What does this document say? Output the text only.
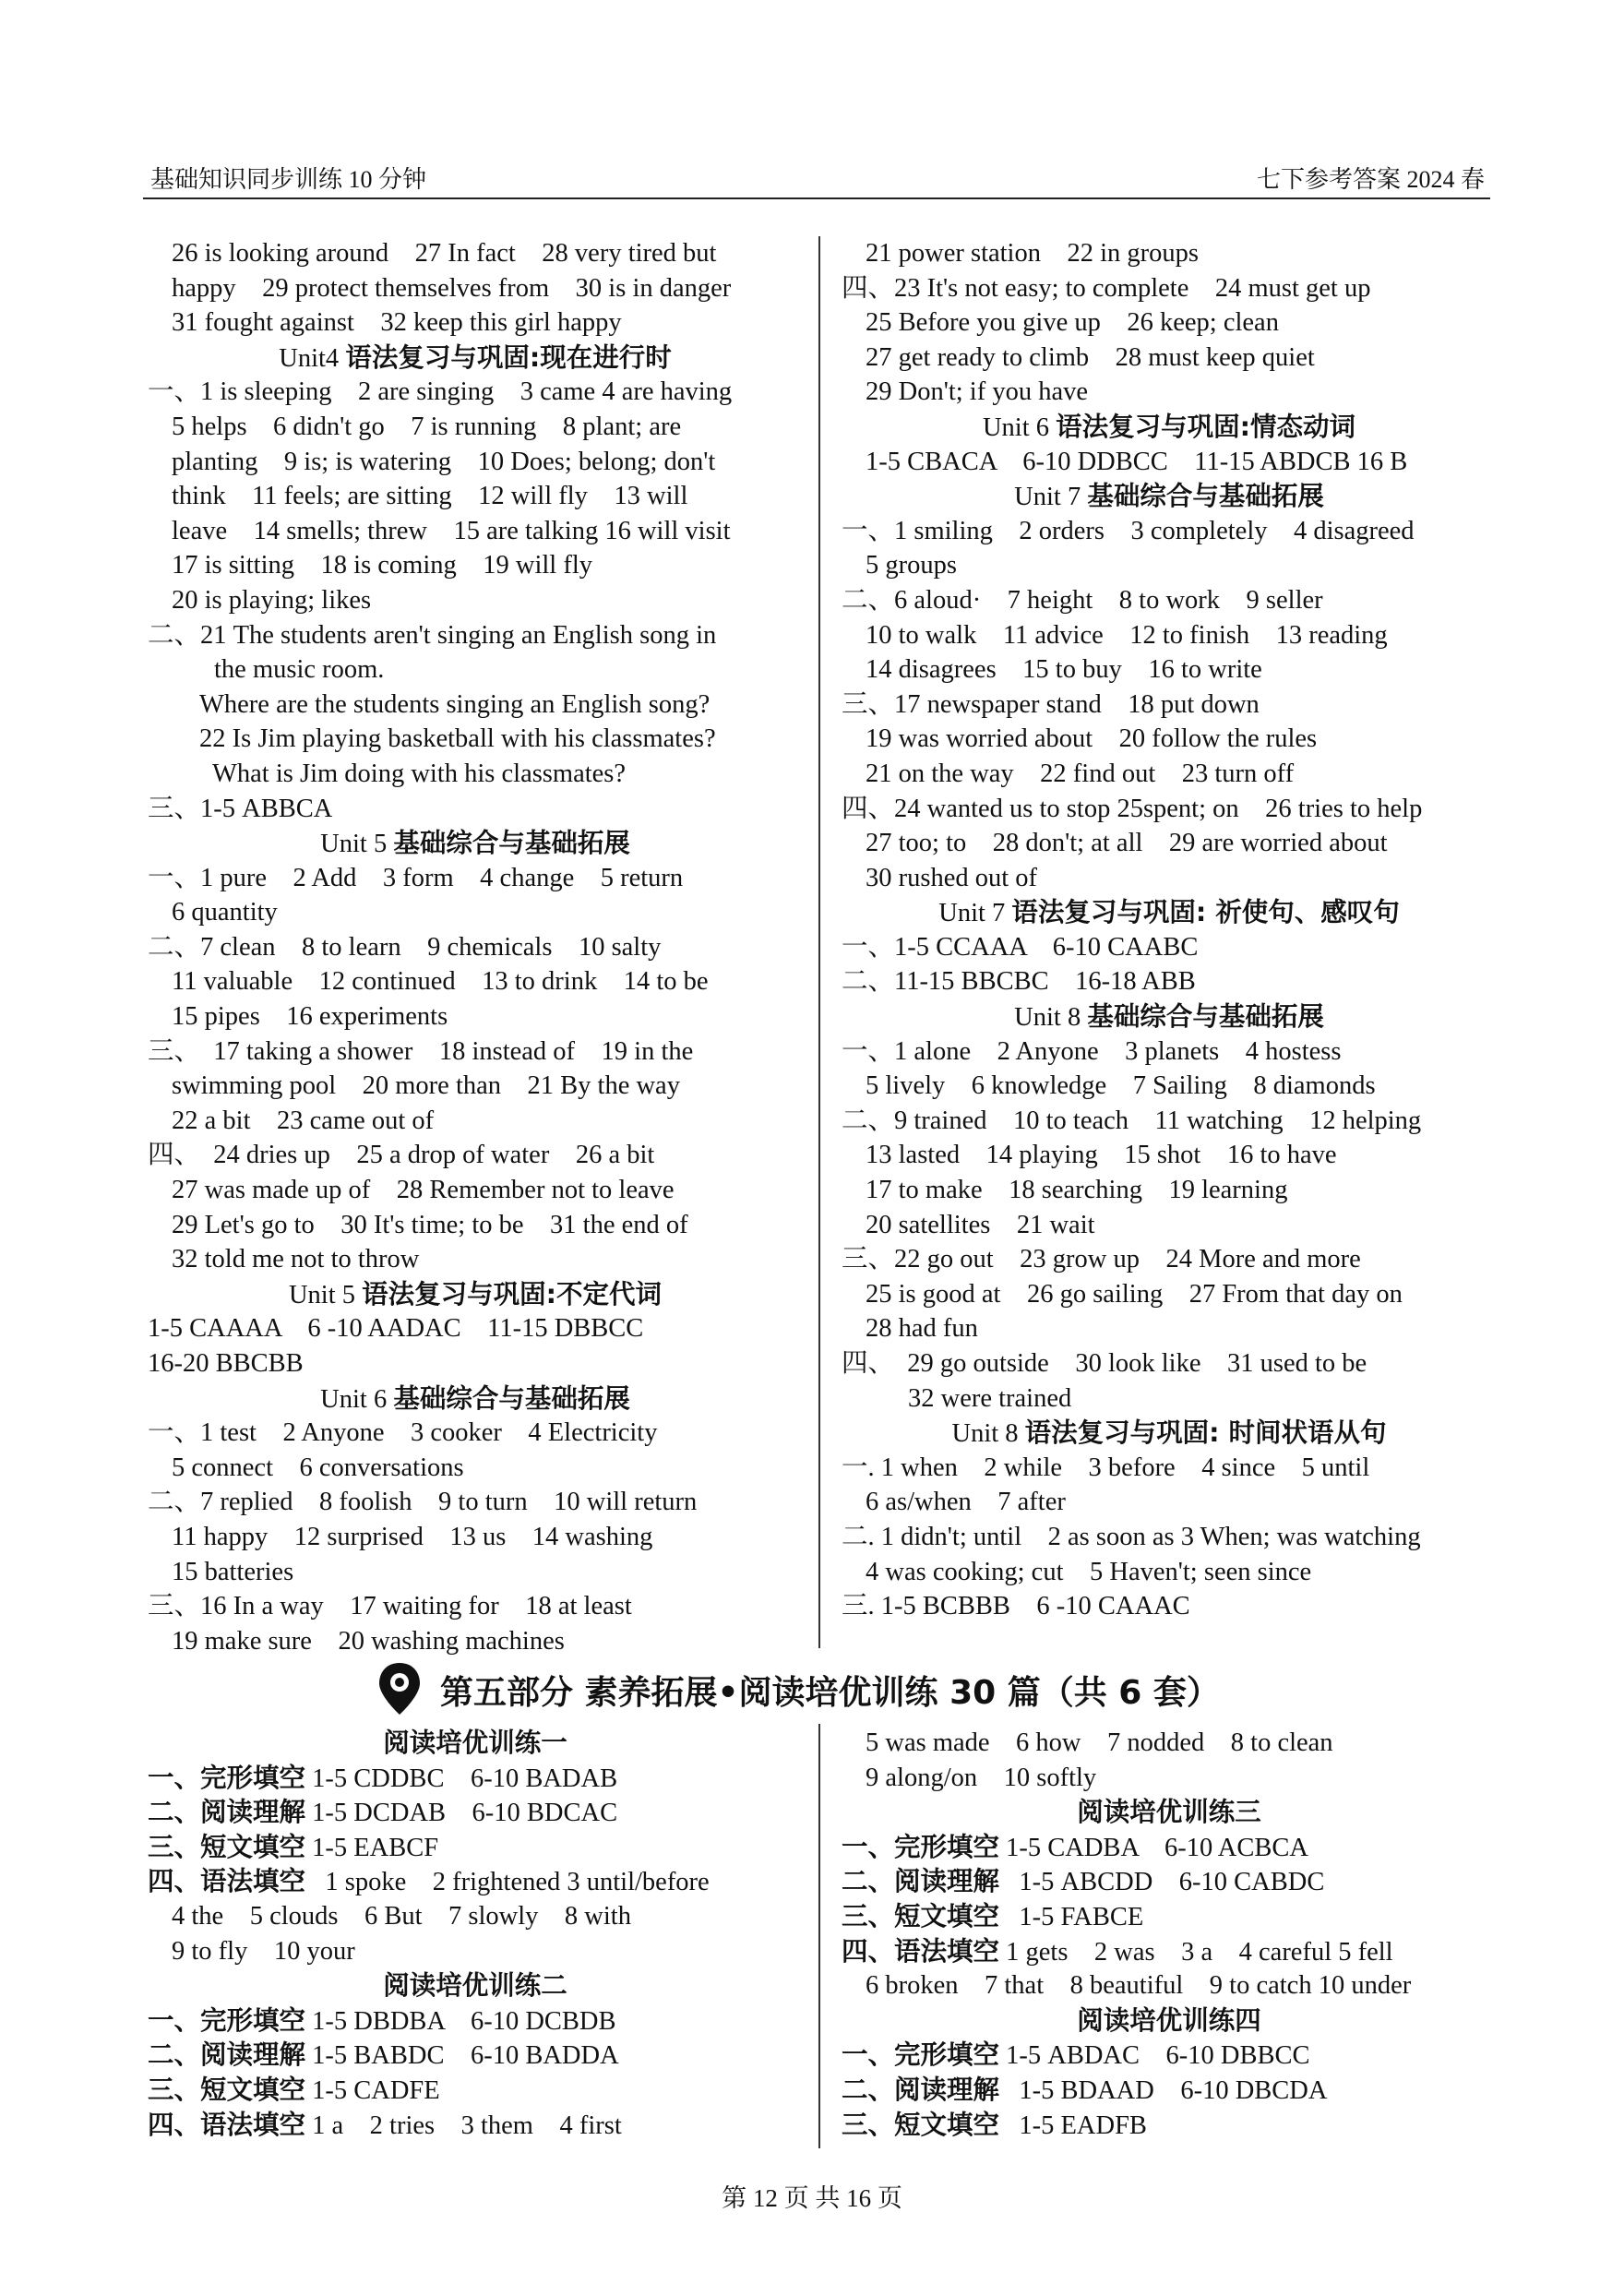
基础知识同步训练 10 分钟	七下参考答案 2024 春
26 is looking around    27 In fact    28 very tired but
happy    29 protect themselves from    30 is in danger
31 fought against    32 keep this girl happy
Unit4 语法复习与巩固:现在进行时
一、1 is sleeping    2 are singing    3 came 4 are having
5 helps    6 didn't go    7 is running    8 plant; are
planting    9 is; is watering    10 Does; belong; don't
think    11 feels; are sitting    12 will fly    13 will
leave    14 smells; threw    15 are talking 16 will visit
17 is sitting    18 is coming    19 will fly
20 is playing; likes
二、21 The students aren't singing an English song in
the music room.
Where are the students singing an English song?
22 Is Jim playing basketball with his classmates?
What is Jim doing with his classmates?
三、1-5 ABBCA
Unit 5 基础综合与基础拓展
一、1 pure    2 Add    3 form    4 change    5 return
6 quantity
二、7 clean    8 to learn    9 chemicals    10 salty
11 valuable    12 continued    13 to drink    14 to be
15 pipes    16 experiments
三、  17 taking a shower    18 instead of    19 in the
swimming pool    20 more than    21 By the way
22 a bit    23 came out of
四、  24 dries up    25 a drop of water    26 a bit
27 was made up of    28 Remember not to leave
29 Let's go to    30 It's time; to be    31 the end of
32 told me not to throw
Unit 5 语法复习与巩固:不定代词
1-5 CAAAA    6 -10 AADAC    11-15 DBBCC
16-20 BBCBB
Unit 6 基础综合与基础拓展
一、1 test    2 Anyone    3 cooker    4 Electricity
5 connect    6 conversations
二、7 replied    8 foolish    9 to turn    10 will return
11 happy    12 surprised    13 us    14 washing
15 batteries
三、16 In a way    17 waiting for    18 at least
19 make sure    20 washing machines
21 power station    22 in groups
四、23 It's not easy; to complete    24 must get up
25 Before you give up    26 keep; clean
27 get ready to climb    28 must keep quiet
29 Don't; if you have
Unit 6 语法复习与巩固:情态动词
1-5 CBACA    6-10 DDBCC    11-15 ABDCB 16 B
Unit 7 基础综合与基础拓展
一、1 smiling    2 orders    3 completely    4 disagreed
5 groups
二、6 aloud·    7 height    8 to work    9 seller
10 to walk    11 advice    12 to finish    13 reading
14 disagrees    15 to buy    16 to write
三、17 newspaper stand    18 put down
19 was worried about    20 follow the rules
21 on the way    22 find out    23 turn off
四、24 wanted us to stop 25spent; on    26 tries to help
27 too; to    28 don't; at all    29 are worried about
30 rushed out of
Unit 7 语法复习与巩固: 祈使句、感叹句
一、1-5 CCAAA    6-10 CAABC
二、11-15 BBCBC    16-18 ABB
Unit 8 基础综合与基础拓展
一、1 alone    2 Anyone    3 planets    4 hostess
5 lively    6 knowledge    7 Sailing    8 diamonds
二、9 trained    10 to teach    11 watching    12 helping
13 lasted    14 playing    15 shot    16 to have
17 to make    18 searching    19 learning
20 satellites    21 wait
三、22 go out    23 grow up    24 More and more
25 is good at    26 go sailing    27 From that day on
28 had fun
四、  29 go outside    30 look like    31 used to be
32 were trained
Unit 8 语法复习与巩固: 时间状语从句
一. 1 when    2 while    3 before    4 since    5 until
6 as/when    7 after
二. 1 didn't; until    2 as soon as 3 When; was watching
4 was cooking; cut    5 Haven't; seen since
三. 1-5 BCBBB    6 -10 CAAAC
第五部分 素养拓展•阅读培优训练 30 篇（共 6 套）
阅读培优训练一
一、完形填空 1-5 CDDBC    6-10 BADAB
二、阅读理解 1-5 DCDAB    6-10 BDCAC
三、短文填空 1-5 EABCF
四、语法填空   1 spoke    2 frightened 3 until/before
4 the    5 clouds    6 But    7 slowly    8 with
9 to fly    10 your
阅读培优训练二
一、完形填空 1-5 DBDBA    6-10 DCBDB
二、阅读理解 1-5 BABDC    6-10 BADDA
三、短文填空 1-5 CADFE
四、语法填空 1 a    2 tries    3 them    4 first
5 was made    6 how    7 nodded    8 to clean
9 along/on    10 softly
阅读培优训练三
一、完形填空 1-5 CADBA    6-10 ACBCA
二、阅读理解   1-5 ABCDD    6-10 CABDC
三、短文填空   1-5 FABCE
四、语法填空 1 gets    2 was    3 a    4 careful 5 fell
6 broken    7 that    8 beautiful    9 to catch 10 under
阅读培优训练四
一、完形填空 1-5 ABDAC    6-10 DBBCC
二、阅读理解   1-5 BDAAD    6-10 DBCDA
三、短文填空   1-5 EADFB
第 12 页 共 16 页
